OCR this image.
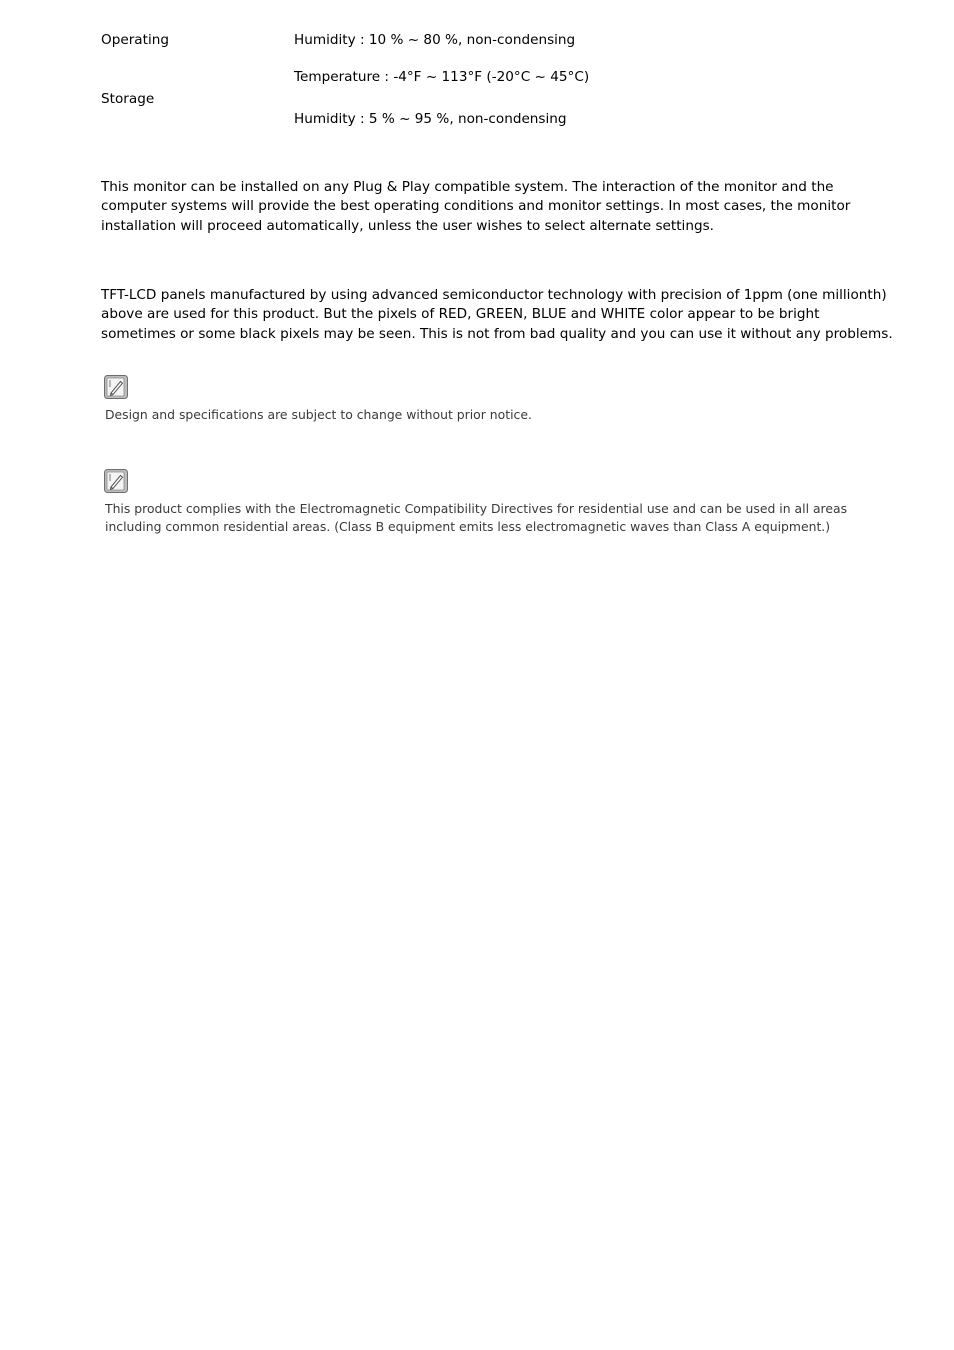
Operating	Humidity : 10 % ~ 80 %, non-condensing
Temperature : -4°F ~ 113°F (-20°C ~ 45°C)
Storage
Humidity : 5 % ~ 95 %, non-condensing
This monitor can be installed on any Plug & Play compatible system. The interaction of the monitor and the
computer systems will provide the best operating conditions and monitor settings. In most cases, the monitor
installation will proceed automatically, unless the user wishes to select alternate settings.
TFT-LCD panels manufactured by using advanced semiconductor technology with precision of 1ppm (one millionth)
above are used for this product. But the pixels of RED, GREEN, BLUE and WHITE color appear to be bright
sometimes or some black pixels may be seen. This is not from bad quality and you can use it without any problems.
Design and specifications are subject to change without prior notice.
This product complies with the Electromagnetic Compatibility Directives for residential use and can be used in all areas
including common residential areas. (Class B equipment emits less electromagnetic waves than Class A equipment.)
